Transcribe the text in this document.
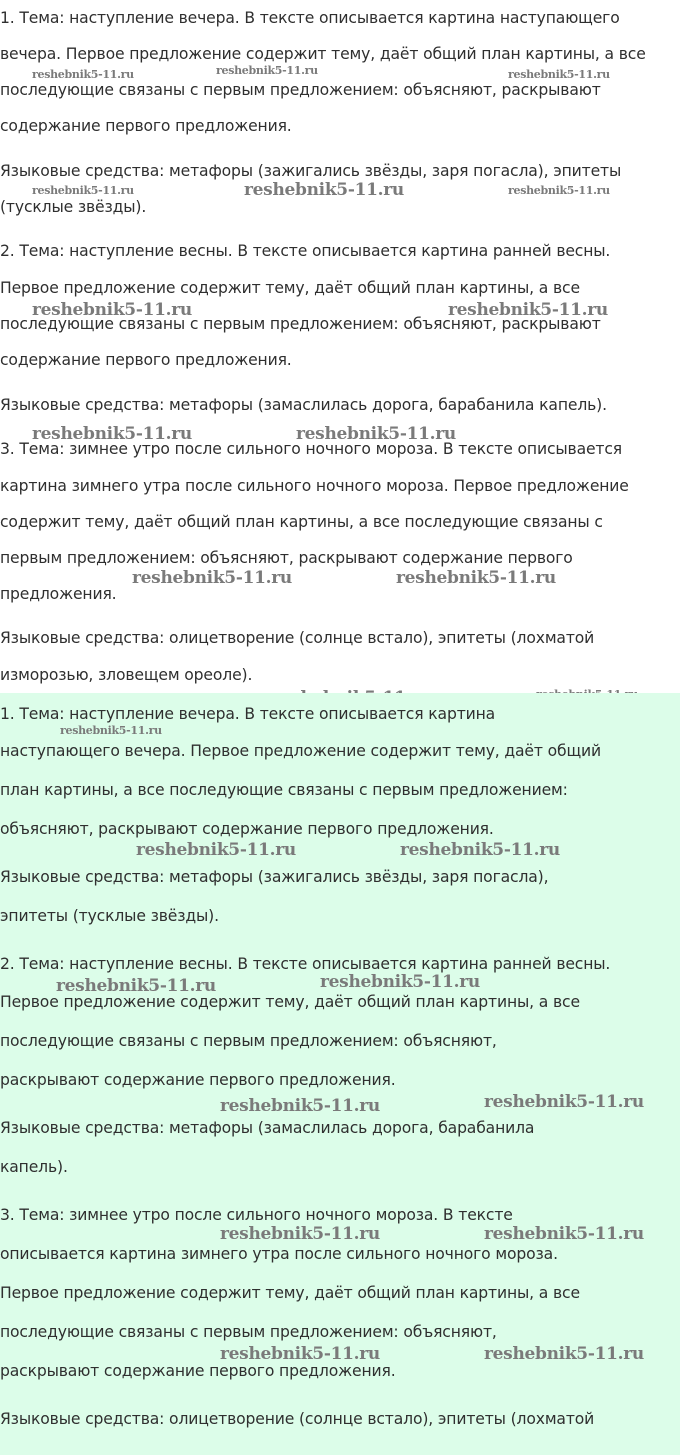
1. Тема: наступление вечера. В тексте описывается картина наступающего
вечера. Первое предложение содержит тему, даёт общий план картины, а все
последующие связаны с первым предложением: объясняют, раскрывают
содержание первого предложения.
Языковые средства: метафоры (зажигались звёзды, заря погасла), эпитеты
(тусклые звёзды).
2. Тема: наступление весны. В тексте описывается картина ранней весны.
Первое предложение содержит тему, даёт общий план картины, а все
последующие связаны с первым предложением: объясняют, раскрывают
содержание первого предложения.
Языковые средства: метафоры (замаслилась дорога, барабанила капель).
3. Тема: зимнее утро после сильного ночного мороза. В тексте описывается
картина зимнего утра после сильного ночного мороза. Первое предложение
содержит тему, даёт общий план картины, а все последующие связаны с
первым предложением: объясняют, раскрывают содержание первого
предложения.
Языковые средства: олицетворение (солнце встало), эпитеты (лохматой
изморозью, зловещем ореоле).
reshebnik5-11.ru	reshebnik5-11.ru	reshebnik5-11.ru
reshebnik5-11.ru	reshebnik5-11.ru	reshebnik5-11.ru
reshebnik5-11.ru	reshebnik5-11.ru
reshebnik5-11.ru	reshebnik5-11.ru
reshebnik5-11.ru	reshebnik5-11.ru
1. Тема: наступление вечера. В тексте описывается картина
наступающего вечера. Первое предложение содержит тему, даёт общий
план картины, а все последующие связаны с первым предложением:
объясняют, раскрывают содержание первого предложения.
Языковые средства: метафоры (зажигались звёзды, заря погасла),
эпитеты (тусклые звёзды).
2. Тема: наступление весны. В тексте описывается картина ранней весны.
Первое предложение содержит тему, даёт общий план картины, а все
последующие связаны с первым предложением: объясняют,
раскрывают содержание первого предложения.
Языковые средства: метафоры (замаслилась дорога, барабанила
капель).
3. Тема: зимнее утро после сильного ночного мороза. В тексте
описывается картина зимнего утра после сильного ночного мороза.
Первое предложение содержит тему, даёт общий план картины, а все
последующие связаны с первым предложением: объясняют,
раскрывают содержание первого предложения.
Языковые средства: олицетворение (солнце встало), эпитеты (лохматой
reshebnik5-11.ru
reshebnik5-11.ru	reshebnik5-11.ru
reshebnik5-11.ru	reshebnik5-11.ru
reshebnik5-11.ru	reshebnik5-11.ru
reshebnik5-11.ru	reshebnik5-11.ru
reshebnik5-11.ru	reshebnik5-11.ru
